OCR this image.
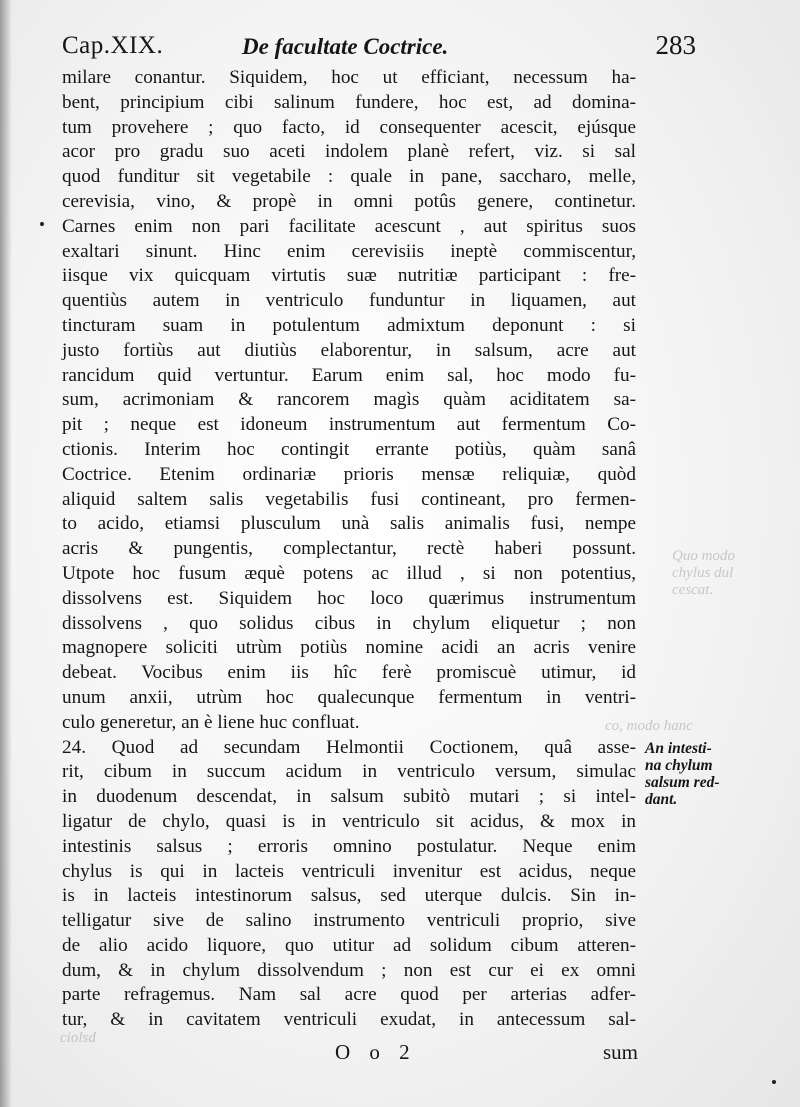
Quo modo
chylus dul
cescat.
co, modo hanc
ciolsd
Cap.XIX.	De facultate Coctrice.	283
milare conantur. Siquidem, hoc ut efficiant, necessum ha-
bent, principium cibi salinum fundere, hoc est, ad domina-
tum provehere ; quo facto, id consequenter acescit, ejúsque
acor pro gradu suo aceti indolem planè refert, viz. si sal
quod funditur sit vegetabile : quale in pane, saccharo, melle,
cerevisia, vino, & propè in omni potûs genere, continetur.
Carnes enim non pari facilitate acescunt , aut spiritus suos
exaltari sinunt. Hinc enim cerevisiis ineptè commiscentur,
iisque vix quicquam virtutis suæ nutritiæ participant : fre-
quentiùs autem in ventriculo funduntur in liquamen, aut
tincturam suam in potulentum admixtum deponunt : si
justo fortiùs aut diutiùs elaborentur, in salsum, acre aut
rancidum quid vertuntur. Earum enim sal, hoc modo fu-
sum, acrimoniam & rancorem magìs quàm aciditatem sa-
pit ; neque est idoneum instrumentum aut fermentum Co-
ctionis. Interim hoc contingit errante potiùs, quàm sanâ
Coctrice. Etenim ordinariæ prioris mensæ reliquiæ, quòd
aliquid saltem salis vegetabilis fusi contineant, pro fermen-
to acido, etiamsi plusculum unà salis animalis fusi, nempe
acris & pungentis, complectantur, rectè haberi possunt.
Utpote hoc fusum æquè potens ac illud , si non potentius,
dissolvens est. Siquidem hoc loco quærimus instrumentum
dissolvens , quo solidus cibus in chylum eliquetur ; non
magnopere soliciti utrùm potiùs nomine acidi an acris venire
debeat. Vocibus enim iis hîc ferè promiscuè utimur, id
unum anxii, utrùm hoc qualecunque fermentum in ventri-
culo generetur, an è liene huc confluat.
24. Quod ad secundam Helmontii Coctionem, quâ asse-
rit, cibum in succum acidum in ventriculo versum, simulac
in duodenum descendat, in salsum subitò mutari ; si intel-
ligatur de chylo, quasi is in ventriculo sit acidus, & mox in
intestinis salsus ; erroris omnino postulatur. Neque enim
chylus is qui in lacteis ventriculi invenitur est acidus, neque
is in lacteis intestinorum salsus, sed uterque dulcis. Sin in-
telligatur sive de salino instrumento ventriculi proprio, sive
de alio acido liquore, quo utitur ad solidum cibum atteren-
dum, & in chylum dissolvendum ; non est cur ei ex omni
parte refragemus. Nam sal acre quod per arterias adfer-
tur, & in cavitatem ventriculi exudat, in antecessum sal-
An intesti-
na chylum
salsum red-
dant.
O o 2	sum
